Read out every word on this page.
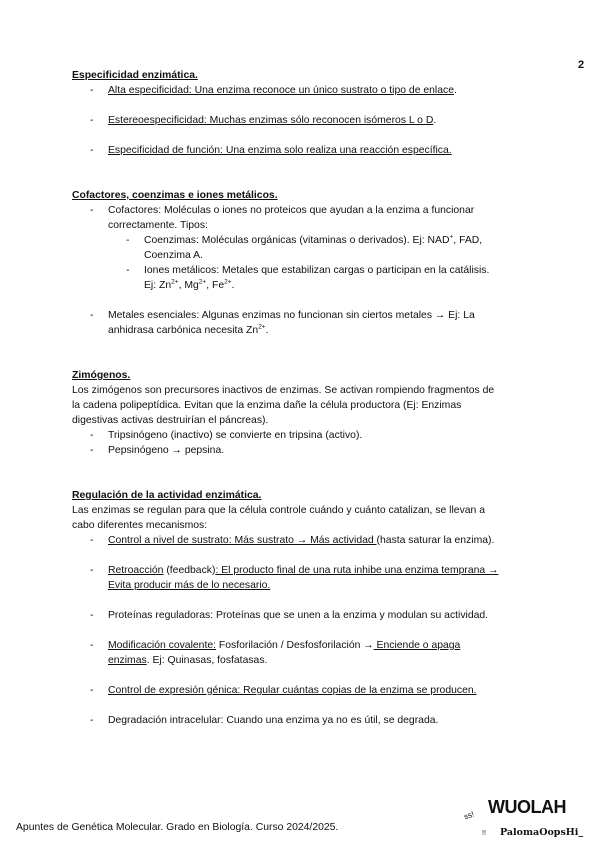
2
Especificidad enzimática.
- Alta especificidad: Una enzima reconoce un único sustrato o tipo de enlace.
- Estereoespecificidad: Muchas enzimas sólo reconocen isómeros L o D.
- Especificidad de función: Una enzima solo realiza una reacción específica.
Cofactores, coenzimas e iones metálicos.
- Cofactores: Moléculas o iones no proteicos que ayudan a la enzima a funcionar
correctamente. Tipos:
- Coenzimas: Moléculas orgánicas (vitaminas o derivados). Ej: NAD+, FAD,
Coenzima A.
- Iones metálicos: Metales que estabilizan cargas o participan en la catálisis.
Ej: $Zn^{2+}$, $Mg^{2+}$, $Fe^{2+}$.
- Metales esenciales: Algunas enzimas no funcionan sin ciertos metales → Ej: La
anhidrasa carbónica necesita $Zn^{2+}$.
Zimógenos.

Los zimógenos son precursores inactivos de enzimas. Se activan rompiendo fragmentos de
la cadena polipeptídica. Evitan que la enzima dañe la célula productora (Ej: Enzimas
digestivas activas destruirían el páncreas).

- Tripsinógeno (inactivo) se convierte en tripsina (activo).
- Pepsinógeno → pepsina.
Regulación de la actividad enzimática.

Las enzimas se regulan para que la célula controle cuándo y cuánto catalizan, se llevan a
cabo diferentes mecanismos:

- Control a nivel de sustrato: Más sustrato → Más actividad (hasta saturar la enzima).
- Retroacción (feedback): El producto final de una ruta inhibe una enzima temprana →
Evita producir más de lo necesario.
- Proteínas reguladoras: Proteínas que se unen a la enzima y modulan su actividad.
- Modificación covalente: Fosforilación / Desfosforilación → Enciende o apaga
enzimas. Ej: Quinasas, fosfatasas.
- Control de expresión génica: Regular cuántas copias de la enzima se producen.
- Degradación intracelular: Cuando una enzima ya no es útil, se degrada.
Apuntes de Genética Molecular. Grado en Biología. Curso 2024/2025.
ss!
!!
WUOLAH
PalomaOopsHi_
